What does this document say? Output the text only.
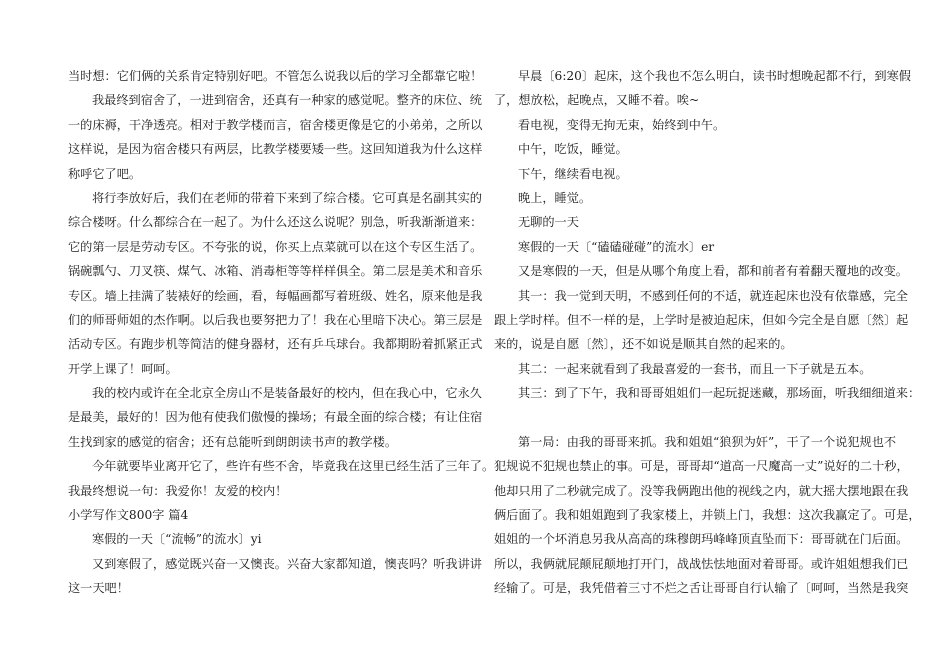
当时想：它们俩的关系肯定特别好吧。不管怎么说我以后的学习全都靠它啦！
我最终到宿舍了，一进到宿舍，还真有一种家的感觉呢。整齐的床位、统
一的床褥，干净透亮。相对于教学楼而言，宿舍楼更像是它的小弟弟，之所以
这样说，是因为宿舍楼只有两层，比教学楼要矮一些。这回知道我为什么这样
称呼它了吧。
将行李放好后，我们在老师的带着下来到了综合楼。它可真是名副其实的
综合楼呀。什么都综合在一起了。为什么还这么说呢？别急，听我渐渐道来：
它的第一层是劳动专区。不夸张的说，你买上点菜就可以在这个专区生活了。
锅碗瓢勺、刀叉筷、煤气、冰箱、消毒柜等等样样俱全。第二层是美术和音乐
专区。墙上挂满了装裱好的绘画，看，每幅画都写着班级、姓名，原来他是我
们的师哥师姐的杰作啊。以后我也要努把力了！我在心里暗下决心。第三层是
活动专区。有跑步机等简洁的健身器材，还有乒乓球台。我都期盼着抓紧正式
开学上课了！呵呵。
我的校内或许在全北京全房山不是装备最好的校内，但在我心中，它永久
是最美，最好的！因为他有使我们傲慢的操场；有最全面的综合楼；有让住宿
生找到家的感觉的宿舍；还有总能听到朗朗读书声的教学楼。
今年就要毕业离开它了，些许有些不舍，毕竟我在这里已经生活了三年了。
我最终想说一句：我爱你！友爱的校内！
小学写作文800字 篇4
寒假的一天〔“流畅”的流水〕yi
又到寒假了，感觉既兴奋一又懊丧。兴奋大家都知道，懊丧吗？听我讲讲
这一天吧！
早晨〔6:20〕起床，这个我也不怎么明白，读书时想晚起都不行，到寒假
了，想放松，起晚点，又睡不着。唉~
看电视，变得无拘无束，始终到中午。
中午，吃饭，睡觉。
下午，继续看电视。
晚上，睡觉。
无聊的一天
寒假的一天〔“磕磕碰碰”的流水〕er
又是寒假的一天，但是从哪个角度上看，都和前者有着翻天覆地的改变。
其一：我一觉到天明，不感到任何的不适，就连起床也没有依靠感，完全
跟上学时样。但不一样的是，上学时是被迫起床，但如今完全是自愿〔然〕起
来的，说是自愿〔然〕，还不如说是顺其自然的起来的。
其二：一起来就看到了我最喜爱的一套书，而且一下子就是五本。
其三：到了下午，我和哥哥姐姐们一起玩捉迷藏，那场面，听我细细道来：
第一局：由我的哥哥来抓。我和姐姐“狼狈为奸”，干了一个说犯规也不
犯规说不犯规也禁止的事。可是，哥哥却“道高一尺魔高一丈”说好的二十秒，
他却只用了二秒就完成了。没等我俩跑出他的视线之内，就大摇大摆地跟在我
俩后面了。我和姐姐跑到了我家楼上，并锁上门，我想：这次我赢定了。可是，
姐姐的一个坏消息另我从高高的珠穆朗玛峰峰顶直坠而下：哥哥就在门后面。
所以，我俩就屁颠屁颠地打开门，战战怯怯地面对着哥哥。或许姐姐想我们已
经输了。可是，我凭借着三寸不烂之舌让哥哥自行认输了〔呵呵，当然是我突
